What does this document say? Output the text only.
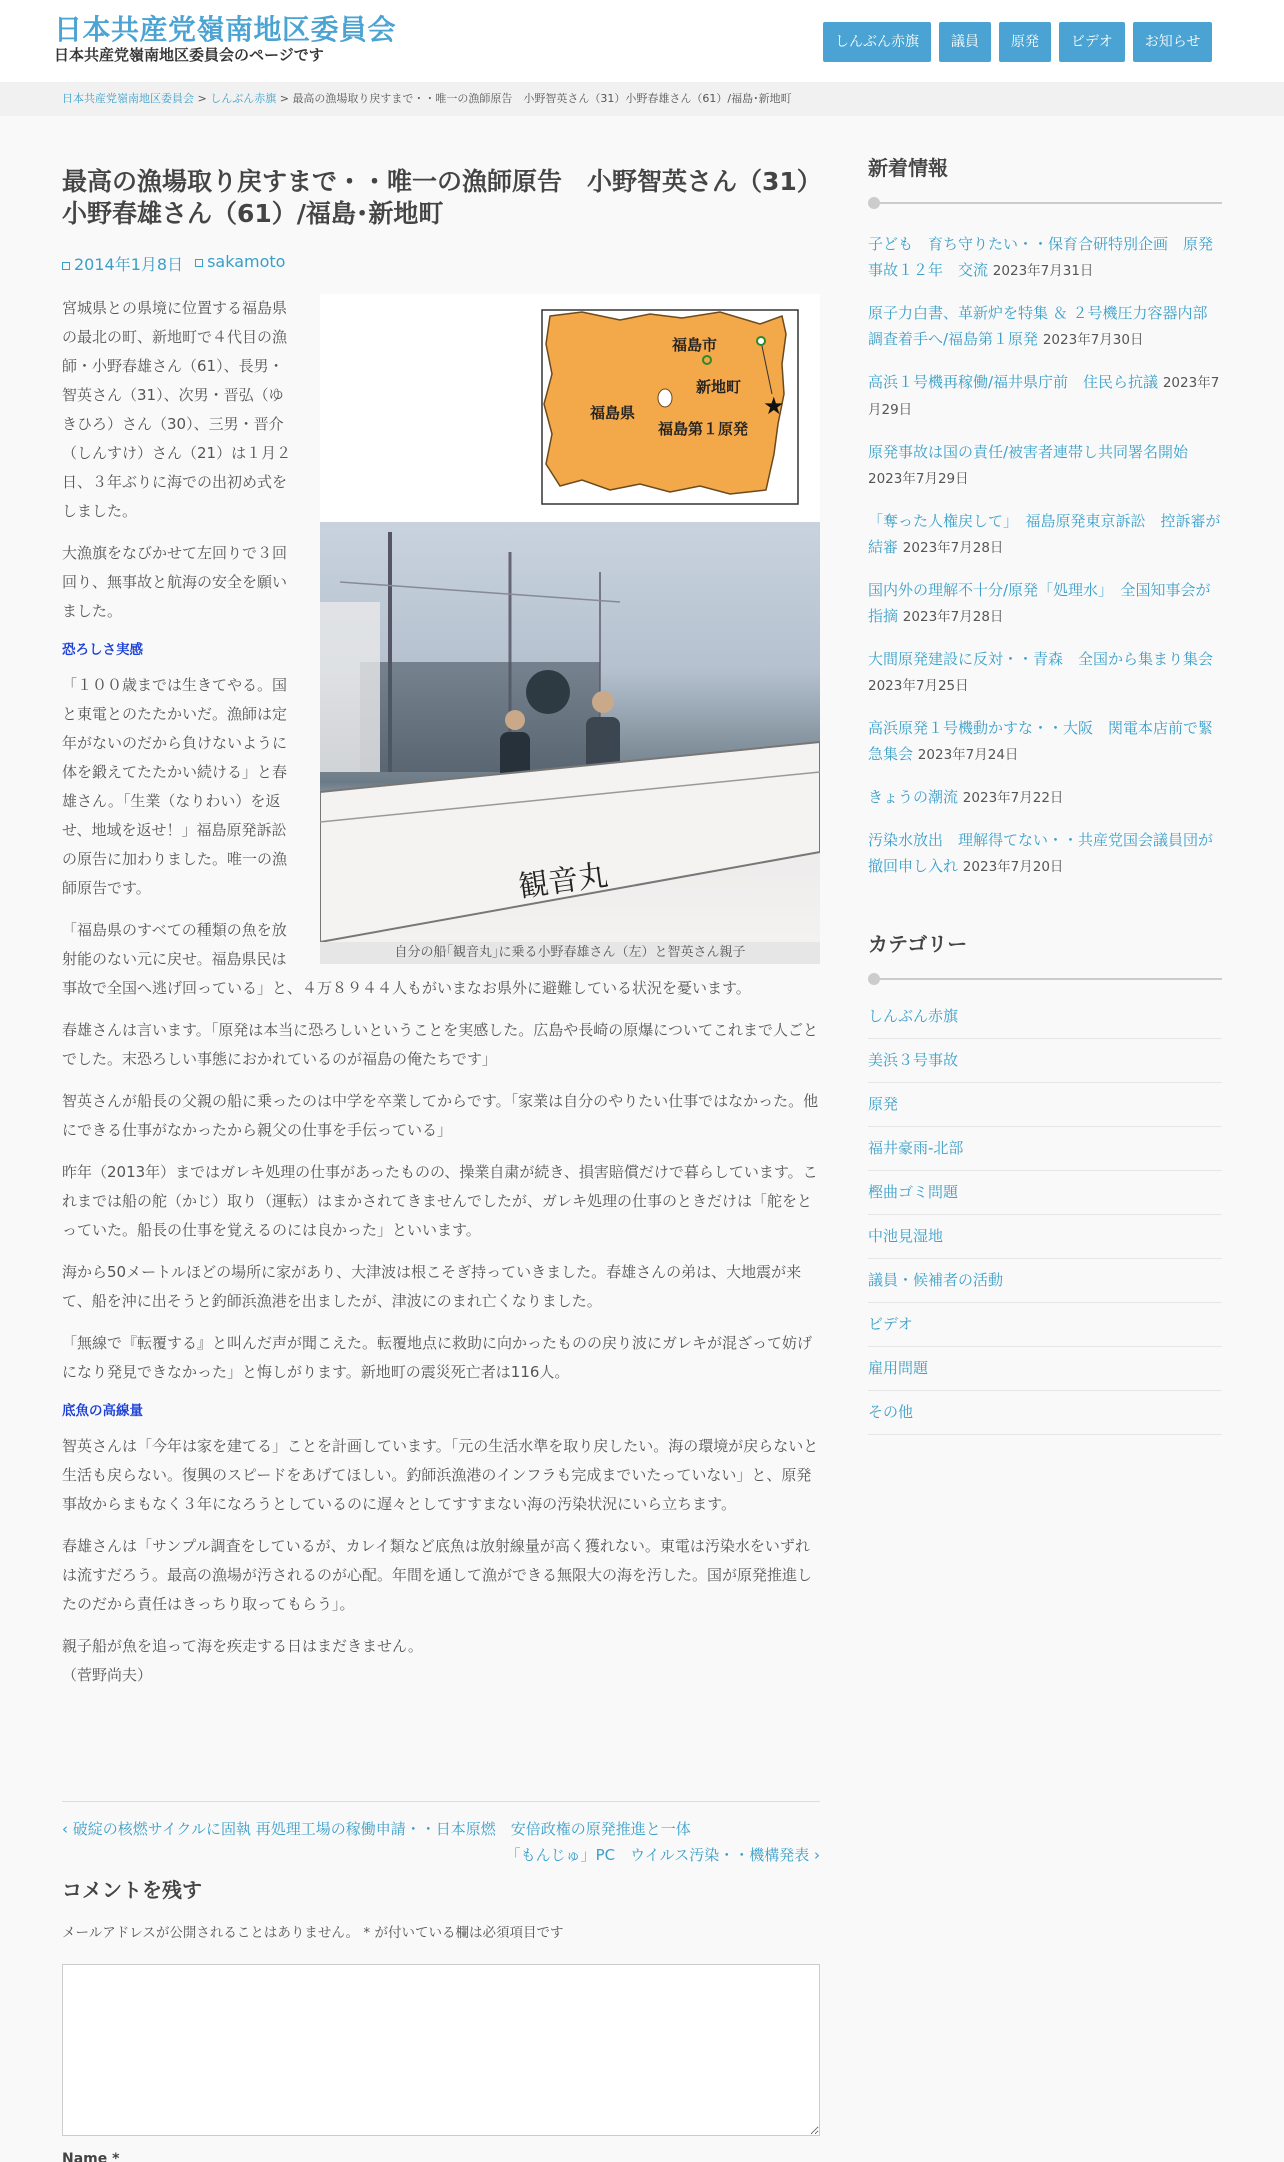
日本共産党嶺南地区委員会
日本共産党嶺南地区委員会のページです
しんぶん赤旗	議員	原発	ビデオ	お知らせ
日本共産党嶺南地区委員会 > しんぶん赤旗 > 最高の漁場取り戻すまで・・唯一の漁師原告　小野智英さん（31）小野春雄さん（61）/福島･新地町
最高の漁場取り戻すまで・・唯一の漁師原告　小野智英さん（31）小野春雄さん（61）/福島･新地町
2014年1月8日	sakamoto
福島市
新地町
福島県
福島第１原発
★
観音丸
自分の船｢観音丸｣に乗る小野春雄さん（左）と智英さん親子

宮城県との県境に位置する福島県の最北の町、新地町で４代目の漁師・小野春雄さん（61）、長男・智英さん（31）、次男・晋弘（ゆきひろ）さん（30）、三男・晋介（しんすけ）さん（21）は１月２日、３年ぶりに海での出初め式をしました。

大漁旗をなびかせて左回りで３回回り、無事故と航海の安全を願いました。

恐ろしさ実感

「１００歳までは生きてやる。国と東電とのたたかいだ。漁師は定年がないのだから負けないように体を鍛えてたたかい続ける」と春雄さん。「生業（なりわい）を返せ、地域を返せ！」福島原発訴訟の原告に加わりました。唯一の漁師原告です。

「福島県のすべての種類の魚を放射能のない元に戻せ。福島県民は事故で全国へ逃げ回っている」と、４万８９４４人もがいまなお県外に避難している状況を憂います。

春雄さんは言います。「原発は本当に恐ろしいということを実感した。広島や長崎の原爆についてこれまで人ごとでした。末恐ろしい事態におかれているのが福島の俺たちです」

智英さんが船長の父親の船に乗ったのは中学を卒業してからです。「家業は自分のやりたい仕事ではなかった。他にできる仕事がなかったから親父の仕事を手伝っている」

昨年（2013年）まではガレキ処理の仕事があったものの、操業自粛が続き、損害賠償だけで暮らしています。これまでは船の舵（かじ）取り（運転）はまかされてきませんでしたが、ガレキ処理の仕事のときだけは「舵をとっていた。船長の仕事を覚えるのには良かった」といいます。

海から50メートルほどの場所に家があり、大津波は根こそぎ持っていきました。春雄さんの弟は、大地震が来て、船を沖に出そうと釣師浜漁港を出ましたが、津波にのまれ亡くなりました。

「無線で『転覆する』と叫んだ声が聞こえた。転覆地点に救助に向かったものの戻り波にガレキが混ざって妨げになり発見できなかった」と悔しがります。新地町の震災死亡者は116人。

底魚の高線量

智英さんは「今年は家を建てる」ことを計画しています。「元の生活水準を取り戻したい。海の環境が戻らないと生活も戻らない。復興のスピードをあげてほしい。釣師浜漁港のインフラも完成までいたっていない」と、原発事故からまもなく３年になろうとしているのに遅々としてすすまない海の汚染状況にいら立ちます。

春雄さんは「サンプル調査をしているが、カレイ類など底魚は放射線量が高く獲れない。東電は汚染水をいずれは流すだろう。最高の漁場が汚されるのが心配。年間を通して漁ができる無限大の海を汚した。国が原発推進したのだから責任はきっちり取ってもらう」。

親子船が魚を追って海を疾走する日はまだきません。

（菅野尚夫）

‹ 破綻の核燃サイクルに固執 再処理工場の稼働申請・・日本原燃　安倍政権の原発推進と一体
「もんじゅ」PC　ウイルス汚染・・機構発表 ›
コメントを残す
メールアドレスが公開されることはありません。 * が付いている欄は必須項目です
Name *
新着情報
子ども　育ち守りたい・・保育合研特別企画　原発事故１２年　交流 2023年7月31日
原子力白書、革新炉を特集 ＆ ２号機圧力容器内部調査着手へ/福島第１原発 2023年7月30日
高浜１号機再稼働/福井県庁前　住民ら抗議 2023年7月29日
原発事故は国の責任/被害者連帯し共同署名開始 2023年7月29日
「奪った人権戻して」　福島原発東京訴訟　控訴審が結審 2023年7月28日
国内外の理解不十分/原発「処理水」　全国知事会が指摘 2023年7月28日
大間原発建設に反対・・青森　全国から集まり集会 2023年7月25日
高浜原発１号機動かすな・・大阪　関電本店前で緊急集会 2023年7月24日
きょうの潮流 2023年7月22日
汚染水放出　理解得てない・・共産党国会議員団が撤回申し入れ 2023年7月20日
カテゴリー
しんぶん赤旗
美浜３号事故
原発
福井豪雨-北部
樫曲ゴミ問題
中池見湿地
議員・候補者の活動
ビデオ
雇用問題
その他
